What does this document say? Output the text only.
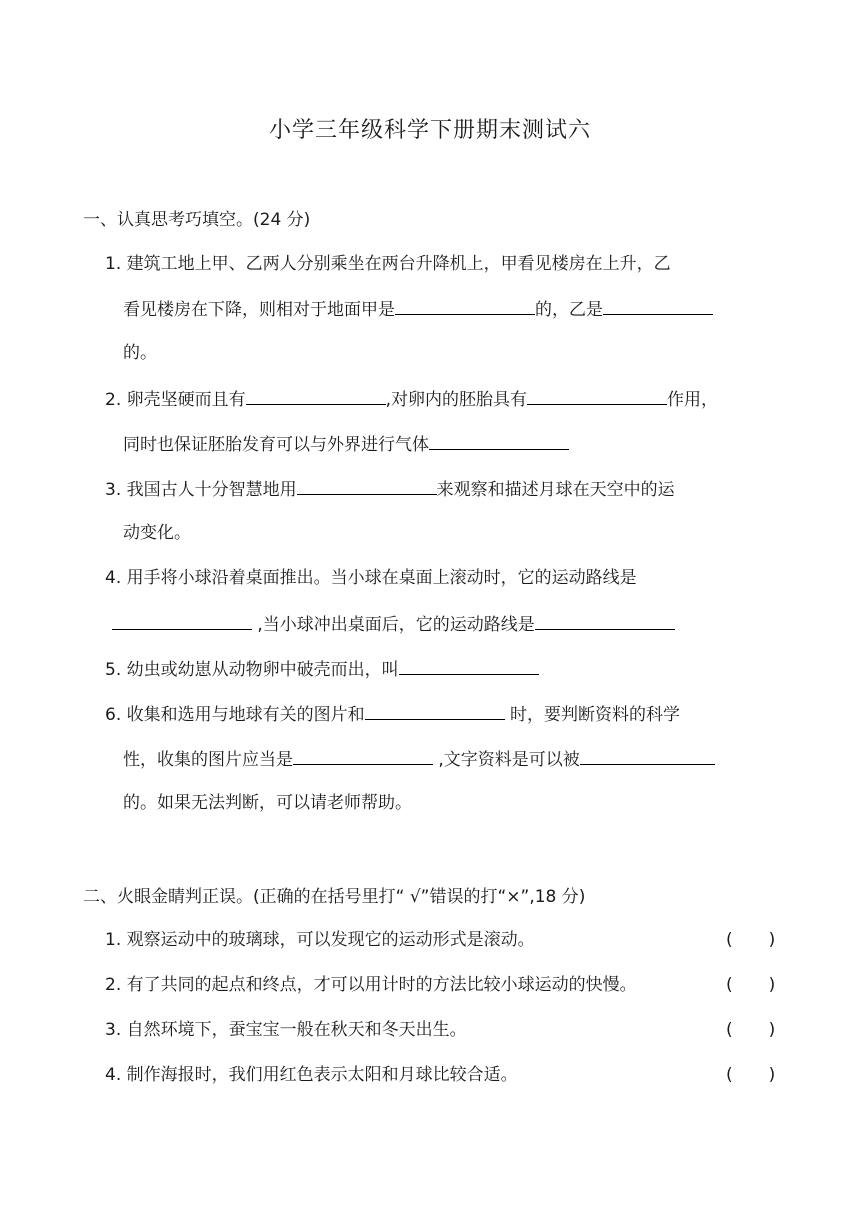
小学三年级科学下册期末测试六
一、认真思考巧填空。(24 分)
1. 建筑工地上甲、乙两人分别乘坐在两台升降机上，甲看见楼房在上升，乙
看见楼房在下降，则相对于地面甲是	的，乙是
的。
2. 卵壳坚硬而且有	,对卵内的胚胎具有	作用，
同时也保证胚胎发育可以与外界进行气体
3. 我国古人十分智慧地用	来观察和描述月球在天空中的运
动变化。
4. 用手将小球沿着桌面推出。当小球在桌面上滚动时，它的运动路线是
,当小球冲出桌面后，它的运动路线是
5. 幼虫或幼崽从动物卵中破壳而出，叫
6. 收集和选用与地球有关的图片和	时，要判断资料的科学
性，收集的图片应当是	,文字资料是可以被
的。如果无法判断，可以请老师帮助。
二、火眼金睛判正误。(正确的在括号里打“ √”错误的打“×”,18 分)
1. 观察运动中的玻璃球，可以发现它的运动形式是滚动。	( )
2. 有了共同的起点和终点，才可以用计时的方法比较小球运动的快慢。	( )
3. 自然环境下，蚕宝宝一般在秋天和冬天出生。	( )
4. 制作海报时，我们用红色表示太阳和月球比较合适。	( )
